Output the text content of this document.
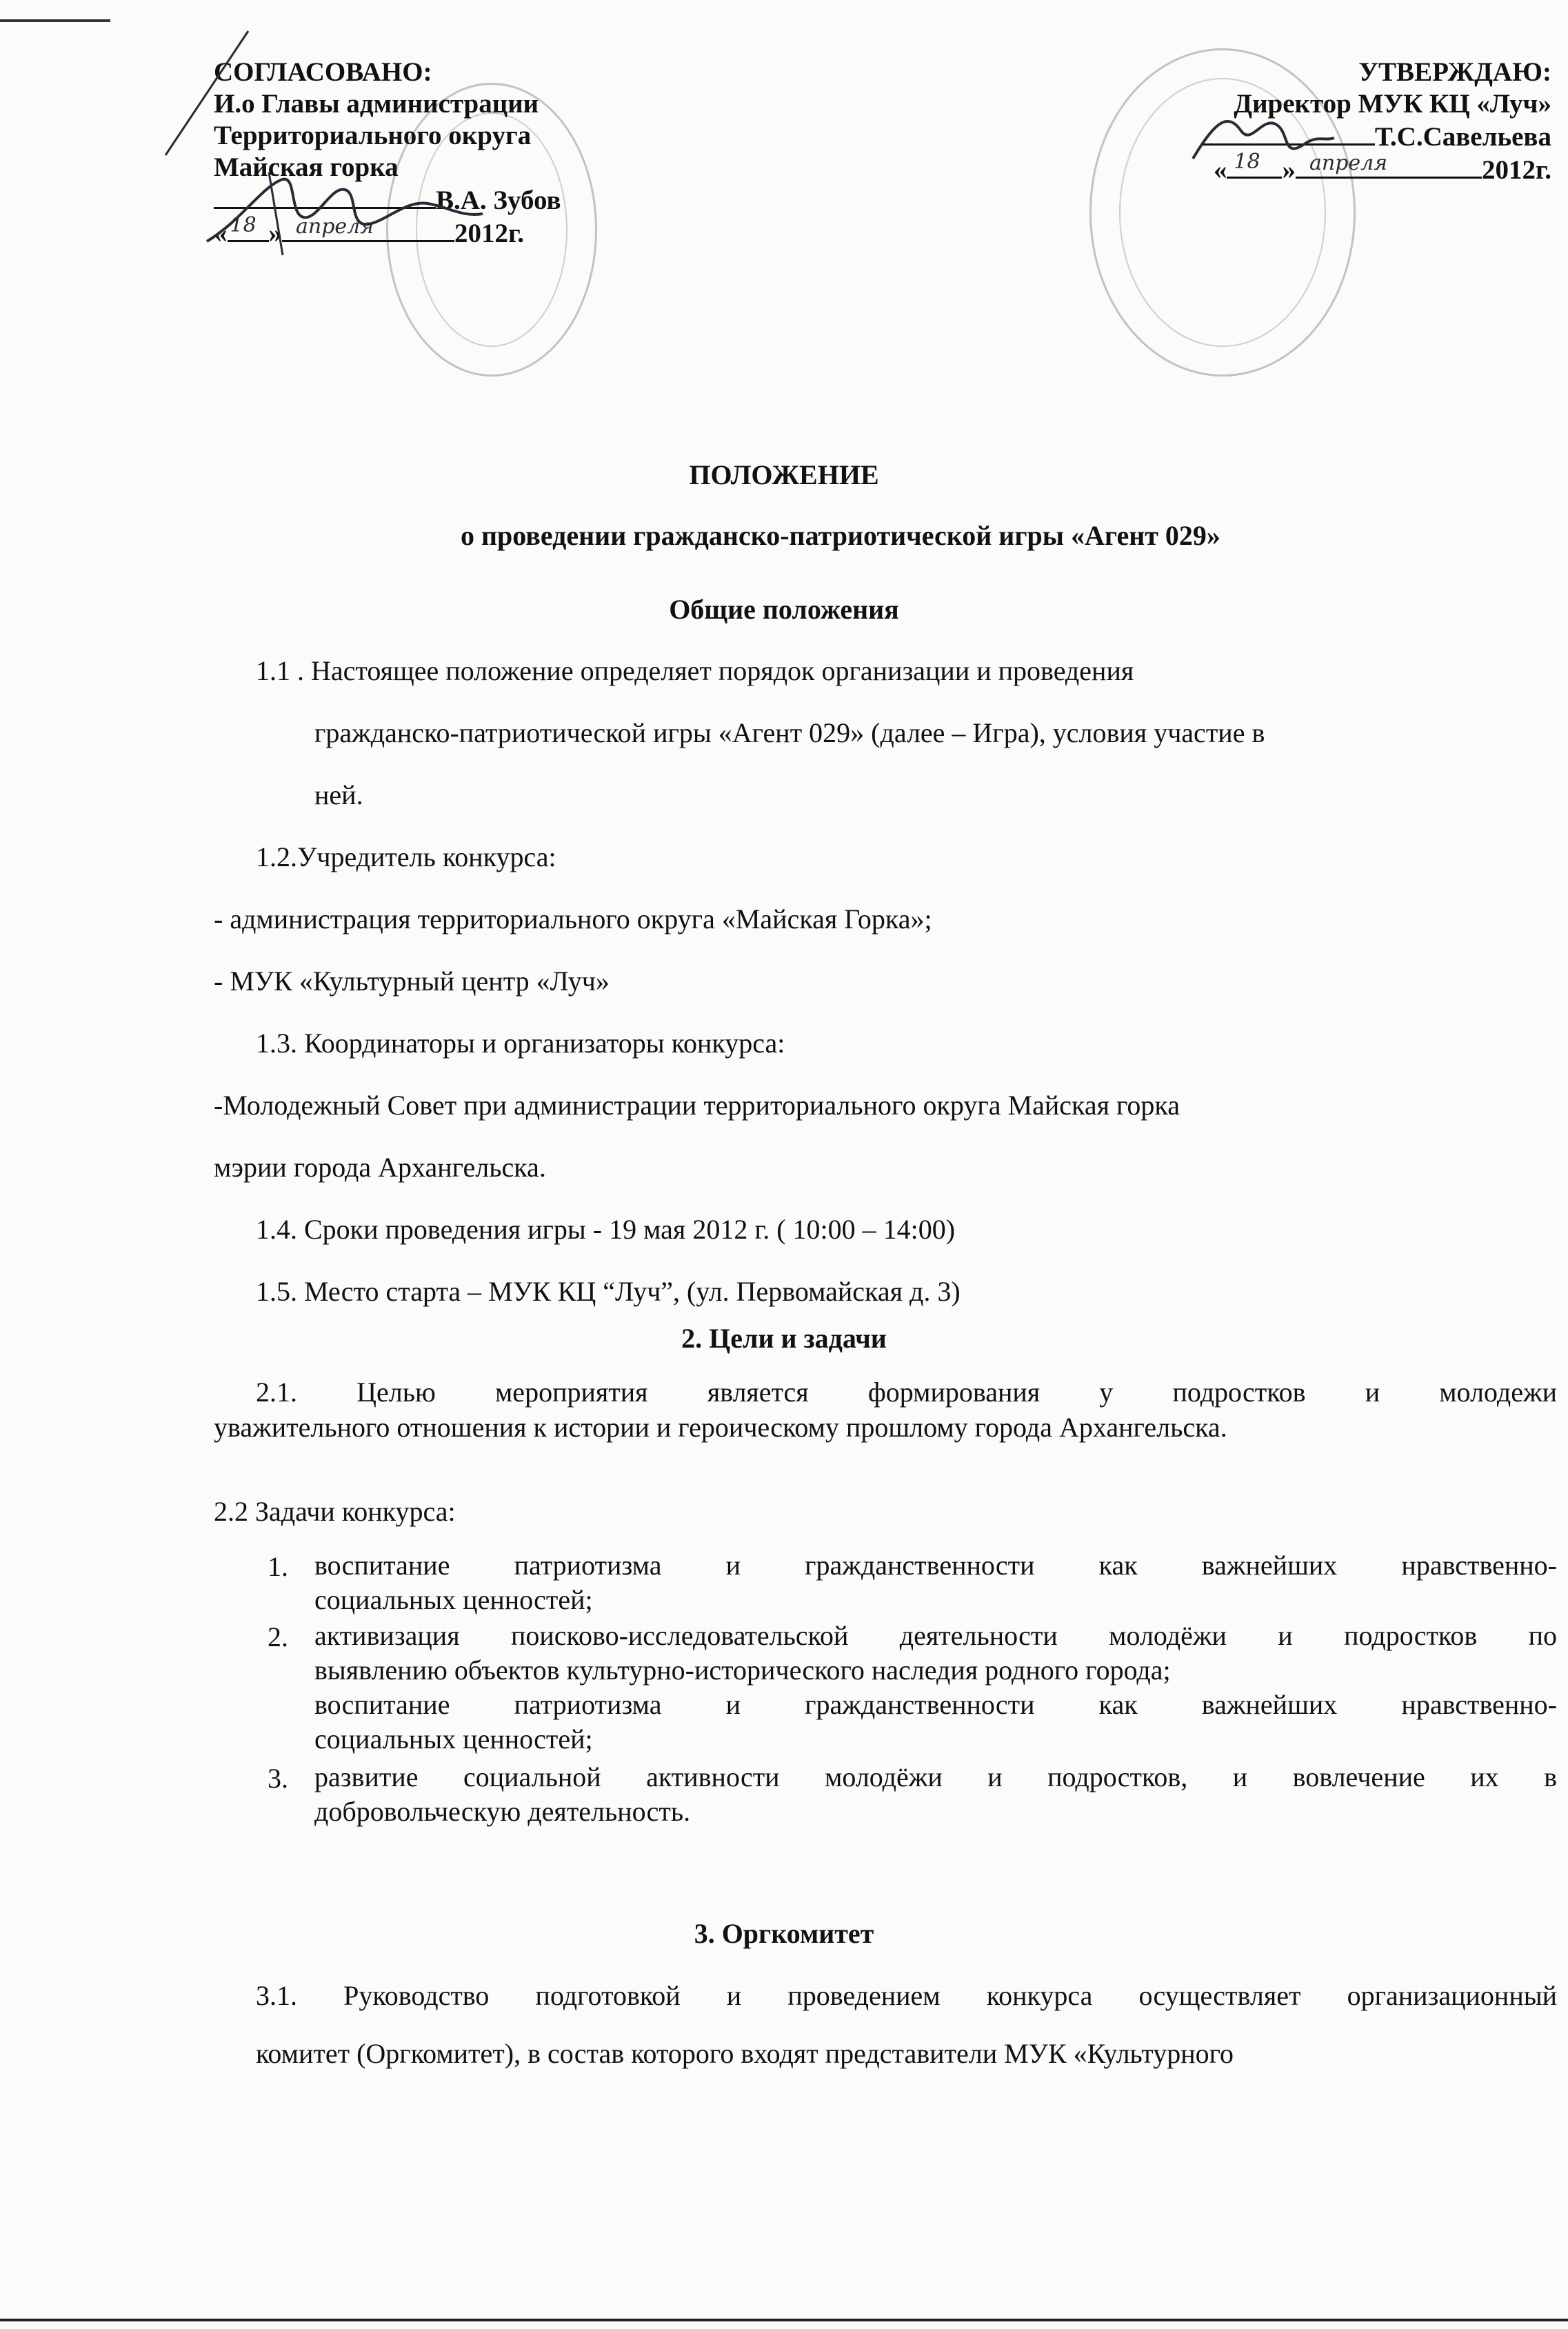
СОГЛАСОВАНО:
И.о Главы администрации
Территориального округа
Майская горка
В.А. Зубов
« 18 » апреля	2012г.
УТВЕРЖДАЮ:
Директор МУК КЦ «Луч»
Т.С.Савельева
« 18 » апреля	2012г.
ПОЛОЖЕНИЕ
о проведении гражданско-патриотической игры «Агент 029»
Общие положения
1.1 . Настоящее положение определяет порядок организации и проведения
гражданско-патриотической игры «Агент 029» (далее – Игра), условия участие в
ней.
1.2.Учредитель конкурса:
- администрация территориального округа «Майская Горка»;
- МУК «Культурный центр «Луч»
1.3. Координаторы и организаторы конкурса:
-Молодежный Совет при администрации территориального округа Майская горка
мэрии города Архангельска.
1.4. Сроки проведения игры - 19 мая 2012 г. ( 10:00 – 14:00)
1.5. Место старта – МУК КЦ “Луч”, (ул. Первомайская д. 3)
2. Цели и задачи
2.1. Целью мероприятия является формирования у подростков и молодежи
уважительного отношения к истории и героическому прошлому города Архангельска.
2.2 Задачи конкурса:
1. воспитание патриотизма и гражданственности как важнейших нравственно-
социальных ценностей;
2. активизация поисково-исследовательской деятельности молодёжи и подростков по
выявлению объектов культурно-исторического наследия родного города;
воспитание патриотизма и гражданственности как важнейших нравственно-
социальных ценностей;
3. развитие социальной активности молодёжи и подростков, и вовлечение их в
добровольческую деятельность.
3. Оргкомитет
3.1. Руководство подготовкой и проведением конкурса осуществляет организационный
комитет (Оргкомитет), в состав которого входят представители МУК «Культурного
